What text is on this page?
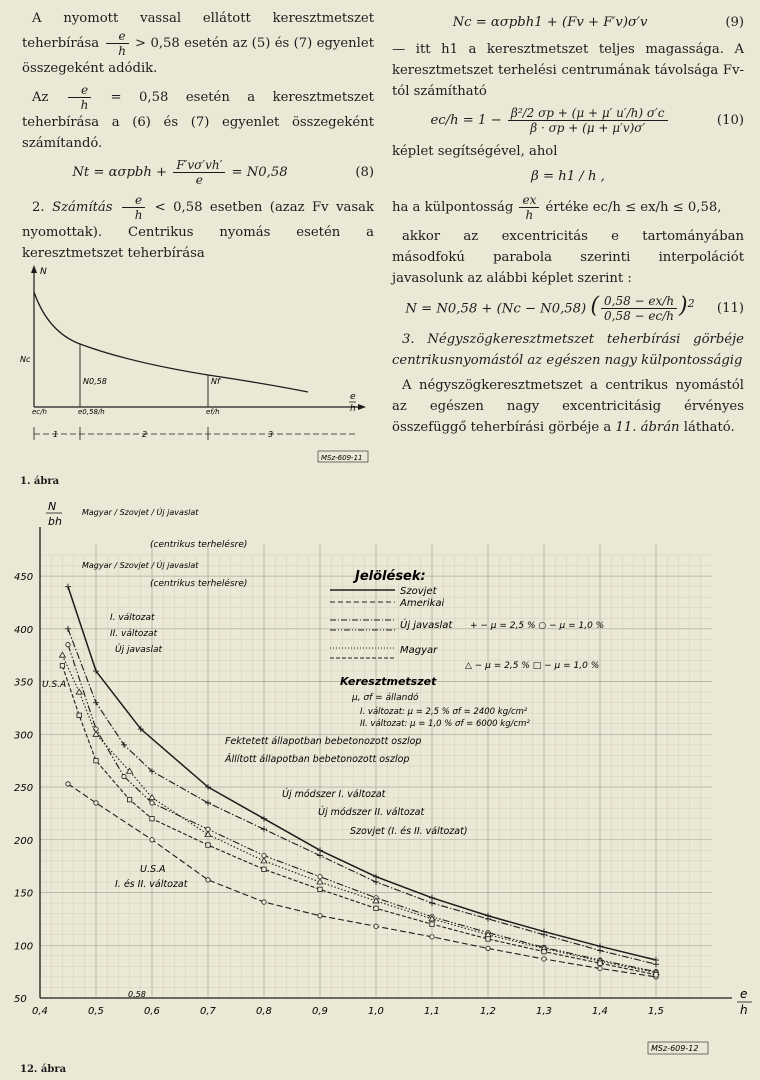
A nyomott vassal ellátott keresztmetszet teherbírása $\frac{e}{h} > 0,58$ esetén az (5) és (7) egyenlet összegeként adódik.

Az $\frac{e}{h} = 0,58$ esetén a keresztmetszet teherbírása a (6) és (7) egyenlet összegeként számítandó.

$Nt = \alpha\sigma pbh + \frac{F'v\sigma'vh'}{e} = N0,58$	(8)

2. Számítás $\frac{e}{h} < 0,58$ esetben (azaz Fv vasak nyomottak). Centrikus nyomás esetén a keresztmetszet teherbírása

N
Nc
N0,58	Nf
ec/h	e0,58/h	ef/h
1	2	3
e
h
MSz-609-11
1. ábra
Nc = ασpbh1 + (Fv + F′v)σ′v	(9)

— itt h1 a keresztmetszet teljes magassága. A keresztmetszet terhelési centrumának távolsága Fv-tól számítható

$ec/h = 1 - \frac{\text{β²/2 σp + (μ + μ′ u′/h) σ′c}}{\beta \cdot \sigma p + (\mu + \mu'v)\sigma'}$	(10)

képlet segítségével, ahol

β = h1 / h ,

ha a külpontosság $\frac{ex}{h}$ értéke ec/h ≤ ex/h ≤ 0,58,

akkor az excentricitás e tartományában másodfokú parabola szerinti interpolációt javasolunk az alábbi képlet szerint :

N = N0,58 + (Nc − N0,58) ( $\frac{0,58 - ex/h}{0,58 - ec/h} )^2$	(11)

3. Négyszögkeresztmetszet teherbírási görbéje centrikusnyomástól az egészen nagy külpontosságig

A négyszögkeresztmetszet a centrikus nyomástól az egészen nagy excentricitásig érvényes összefüggő teherbírási görbéje a 11. ábrán látható.

0,4	0,5	0,6	0,7	0,8	0,9	1,0	1,1	1,2	1,3	1,4	1,5
50
100
150
200
250
300
350
400
450
N
bh
e
h
Jelölések:
Szovjet
Amerikai
Új javaslat + − μ = 2,5 % ○ − μ = 1,0 %
Magyar
△ − μ = 2,5 % □ − μ = 1,0 %
Keresztmetszet
μ, σf = állandó
I. változat: μ = 2,5 % σf = 2400 kg/cm²
II. változat: μ = 1,0 % σf = 6000 kg/cm²
Magyar / Szovjet / Új javaslat
(centrikus terhelésre)
Magyar / Szovjet / Új javaslat
(centrikus terhelésre)
I. változat
II. változat
Új javaslat
U.S.A
Fektetett állapotban bebetonozott oszlop
Állított állapotban bebetonozott oszlop
Új módszer I. változat
Új módszer II. változat
Szovjet (I. és II. változat)
U.S.A
I. és II. változat
0,58
MSz-609-12
12. ábra
